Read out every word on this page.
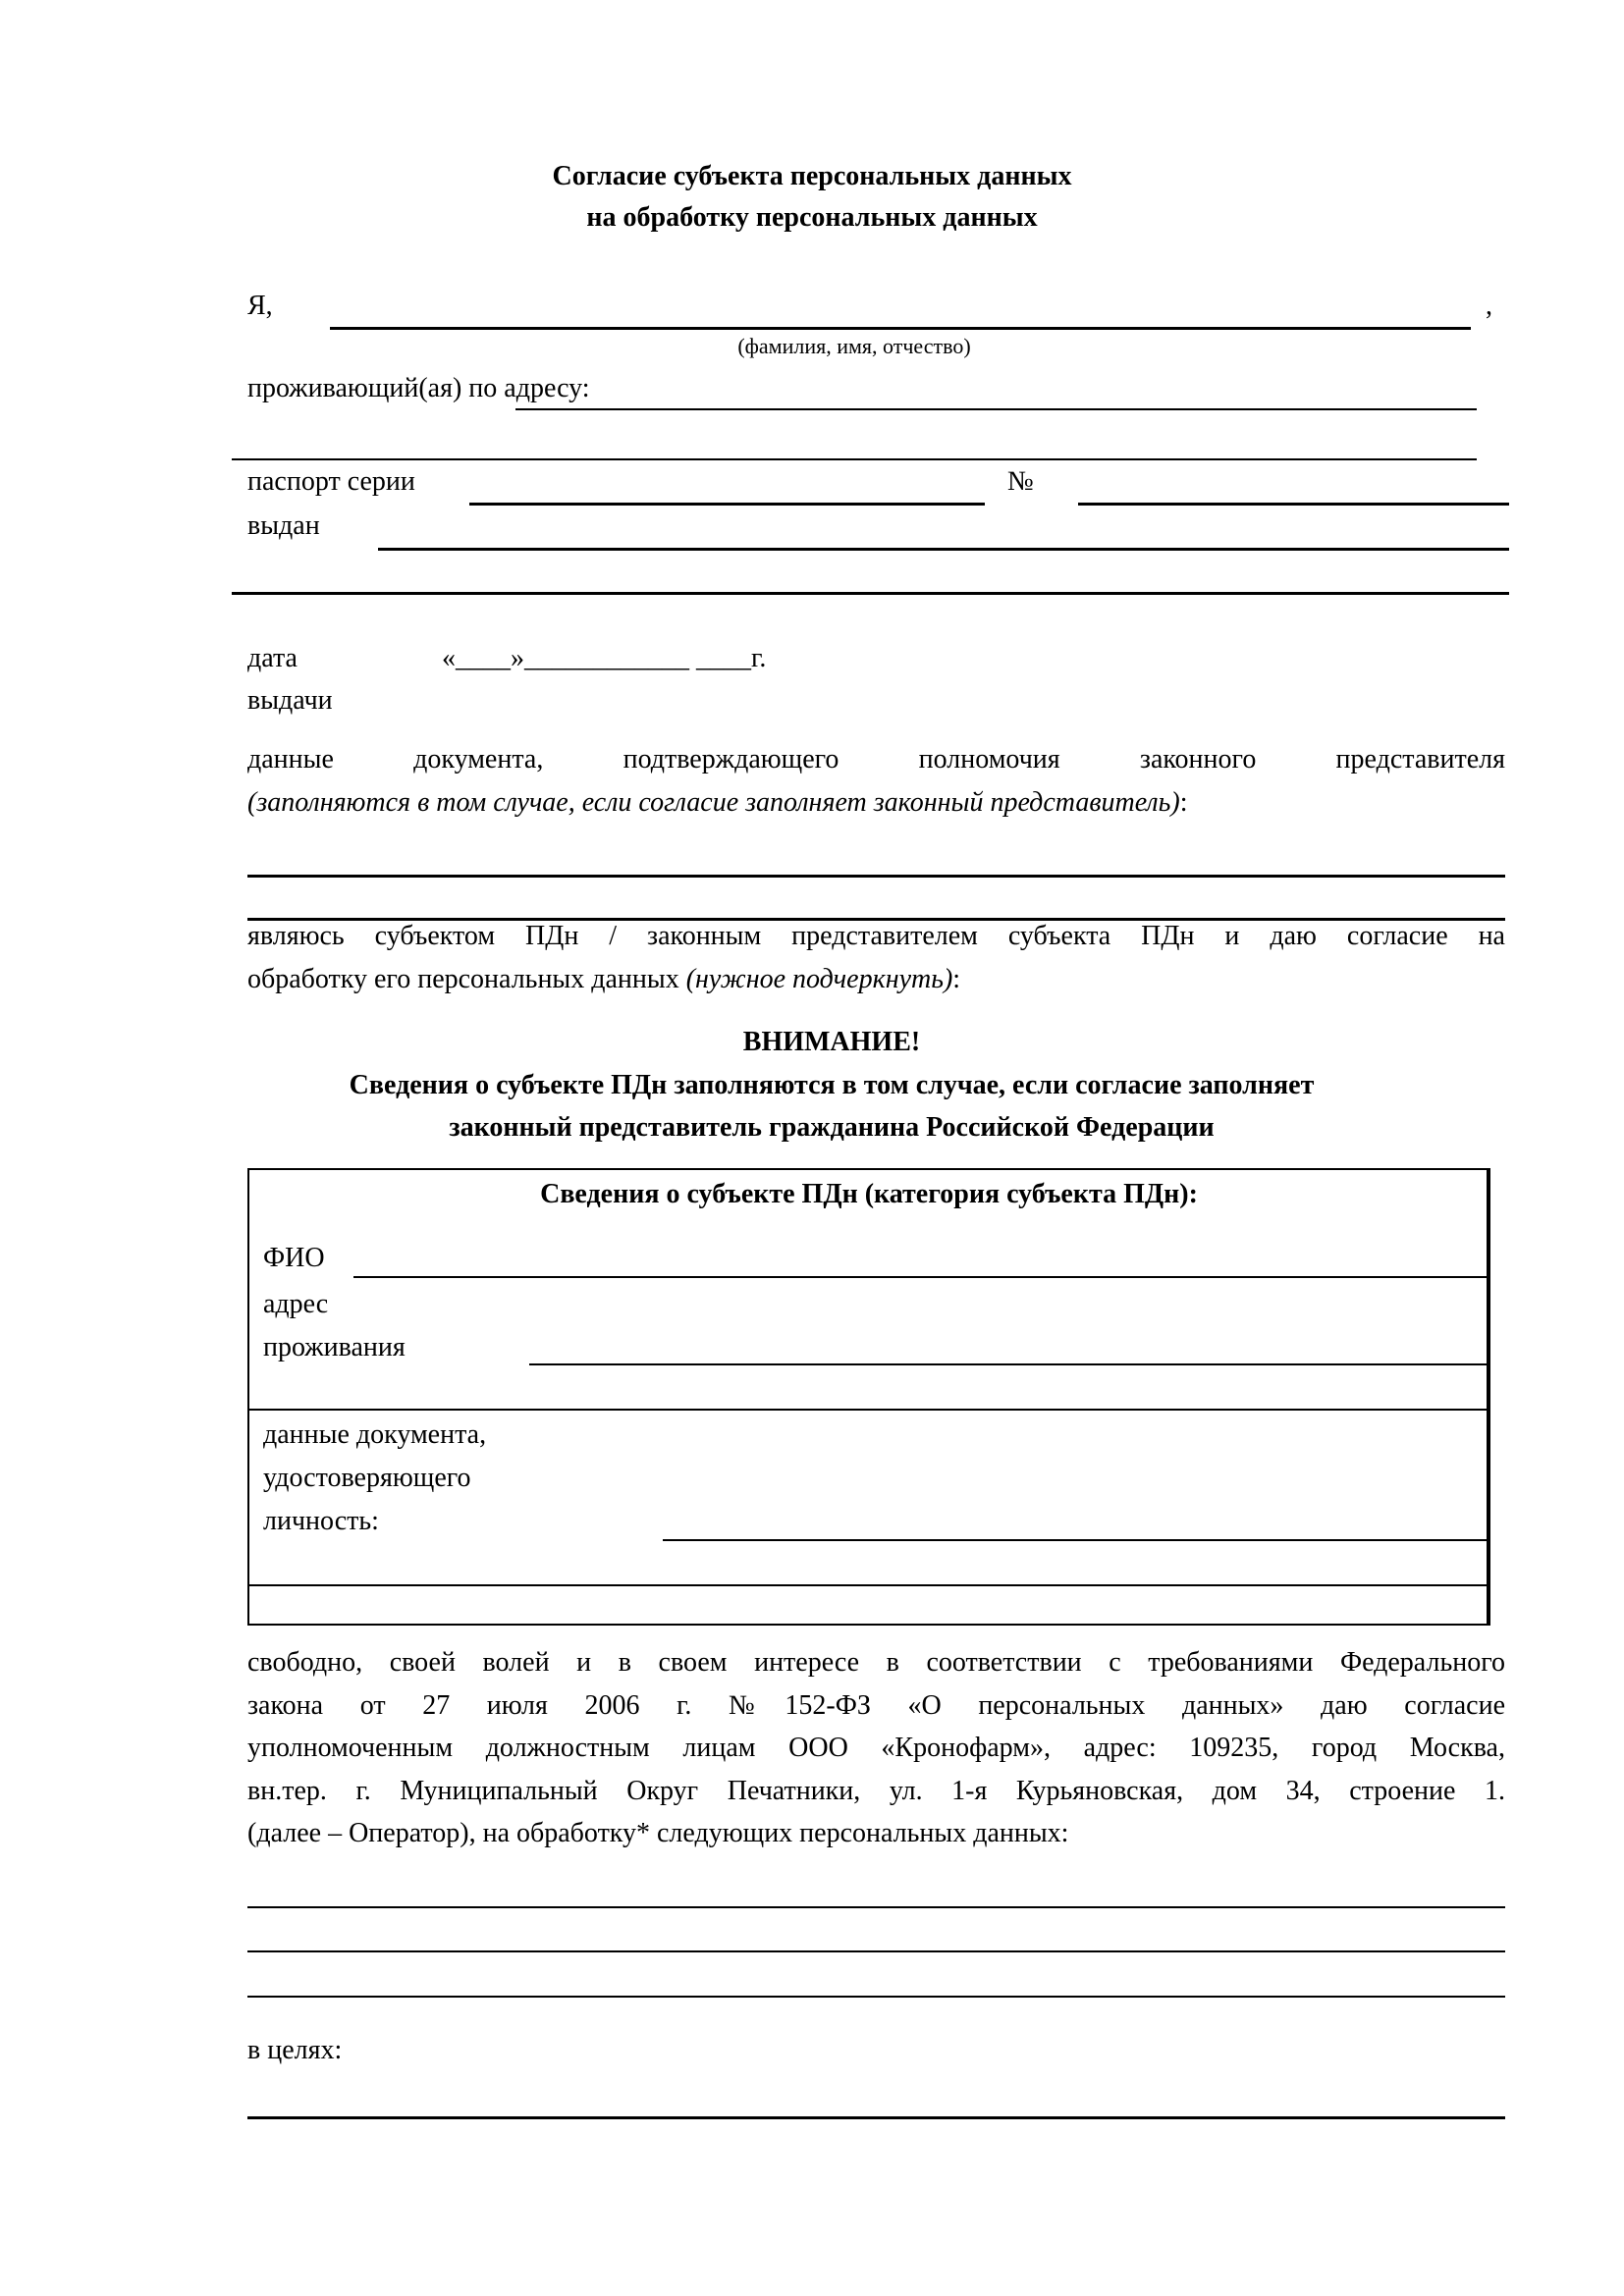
Согласие субъекта персональных данных
на обработку персональных данных
Я,	,
(фамилия, имя, отчество)
проживающий(ая) по адресу:
паспорт серии	№
выдан
дата
выдачи
«____»____________ ____г.
данные документа, подтверждающего полномочия законного представителя
(заполняются в том случае, если согласие заполняет законный представитель):
являюсь субъектом ПДн / законным представителем субъекта ПДн и даю согласие на
обработку его персональных данных (нужное подчеркнуть):
ВНИМАНИЕ!
Сведения о субъекте ПДн заполняются в том случае, если согласие заполняет
законный представитель гражданина Российской Федерации
Сведения о субъекте ПДн (категория субъекта ПДн):
ФИО
адрес
проживания
данные документа,
удостоверяющего
личность:
свободно, своей волей и в своем интересе в соответствии с требованиями Федерального
закона от 27 июля 2006 г. №152-ФЗ «О персональных данных» даю согласие
уполномоченным должностным лицам ООО «Кронофарм», адрес: 109235, город Москва,
вн.тер. г. Муниципальный Округ Печатники, ул. 1-я Курьяновская, дом 34, строение 1.
(далее – Оператор), на обработку* следующих персональных данных:
в целях:
